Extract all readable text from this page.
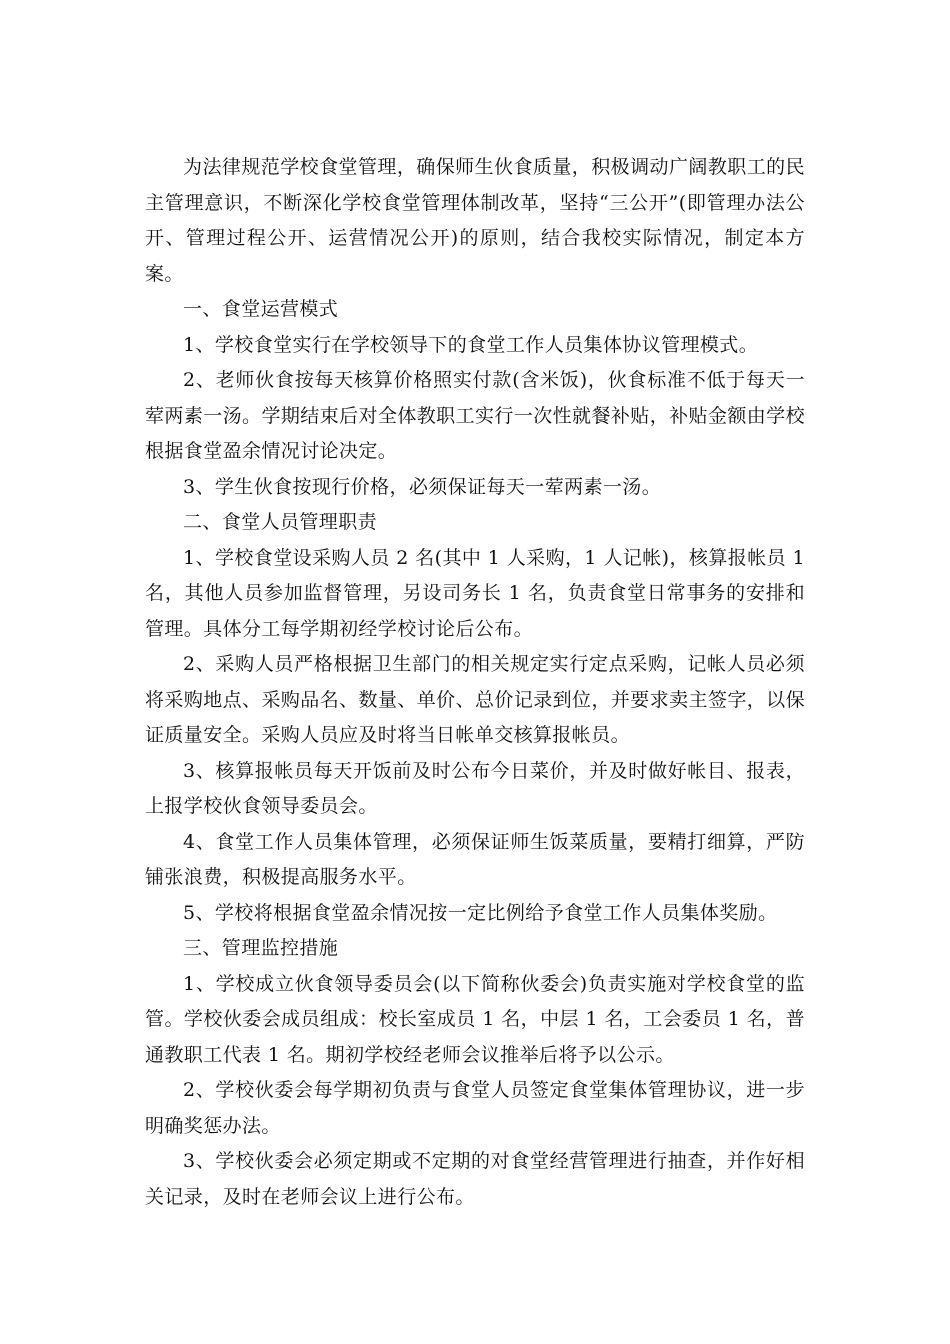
为法律规范学校食堂管理，确保师生伙食质量，积极调动广阔教职工的民主管理意识，不断深化学校食堂管理体制改革，坚持“三公开”(即管理办法公开、管理过程公开、运营情况公开)的原则，结合我校实际情况，制定本方案。

一、食堂运营模式

1、学校食堂实行在学校领导下的食堂工作人员集体协议管理模式。

2、老师伙食按每天核算价格照实付款(含米饭)，伙食标准不低于每天一荤两素一汤。学期结束后对全体教职工实行一次性就餐补贴，补贴金额由学校根据食堂盈余情况讨论决定。

3、学生伙食按现行价格，必须保证每天一荤两素一汤。

二、食堂人员管理职责

1、学校食堂设采购人员 2 名(其中 1 人采购，1 人记帐)，核算报帐员 1 名，其他人员参加监督管理，另设司务长 1 名，负责食堂日常事务的安排和管理。具体分工每学期初经学校讨论后公布。

2、采购人员严格根据卫生部门的相关规定实行定点采购，记帐人员必须将采购地点、采购品名、数量、单价、总价记录到位，并要求卖主签字，以保证质量安全。采购人员应及时将当日帐单交核算报帐员。

3、核算报帐员每天开饭前及时公布今日菜价，并及时做好帐目、报表，上报学校伙食领导委员会。

4、食堂工作人员集体管理，必须保证师生饭菜质量，要精打细算，严防铺张浪费，积极提高服务水平。

5、学校将根据食堂盈余情况按一定比例给予食堂工作人员集体奖励。

三、管理监控措施

1、学校成立伙食领导委员会(以下简称伙委会)负责实施对学校食堂的监管。学校伙委会成员组成：校长室成员 1 名，中层 1 名，工会委员 1 名，普通教职工代表 1 名。期初学校经老师会议推举后将予以公示。

2、学校伙委会每学期初负责与食堂人员签定食堂集体管理协议，进一步明确奖惩办法。

3、学校伙委会必须定期或不定期的对食堂经营管理进行抽查，并作好相关记录，及时在老师会议上进行公布。
